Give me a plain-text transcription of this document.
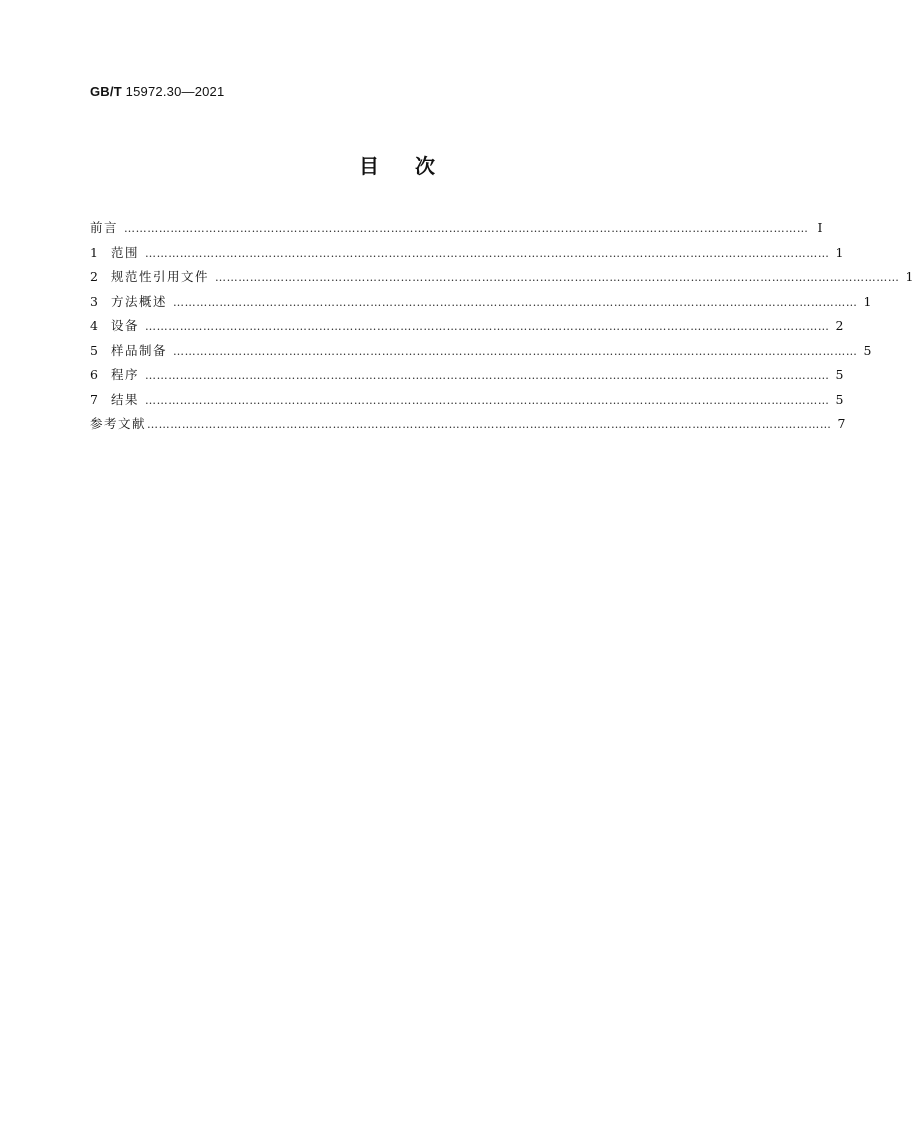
GB/T 15972.30—2021
目次
前言 …………………………………………………………………………………………………………………………………………………………… Ⅰ
1	范围 …………………………………………………………………………………………………………………………………………………………… 1
2	规范性引用文件 …………………………………………………………………………………………………………………………………………………………… 1
3	方法概述 …………………………………………………………………………………………………………………………………………………………… 1
4	设备 …………………………………………………………………………………………………………………………………………………………… 2
5	样品制备 …………………………………………………………………………………………………………………………………………………………… 5
6	程序 …………………………………………………………………………………………………………………………………………………………… 5
7	结果 …………………………………………………………………………………………………………………………………………………………… 5
参考文献 …………………………………………………………………………………………………………………………………………………………… 7
